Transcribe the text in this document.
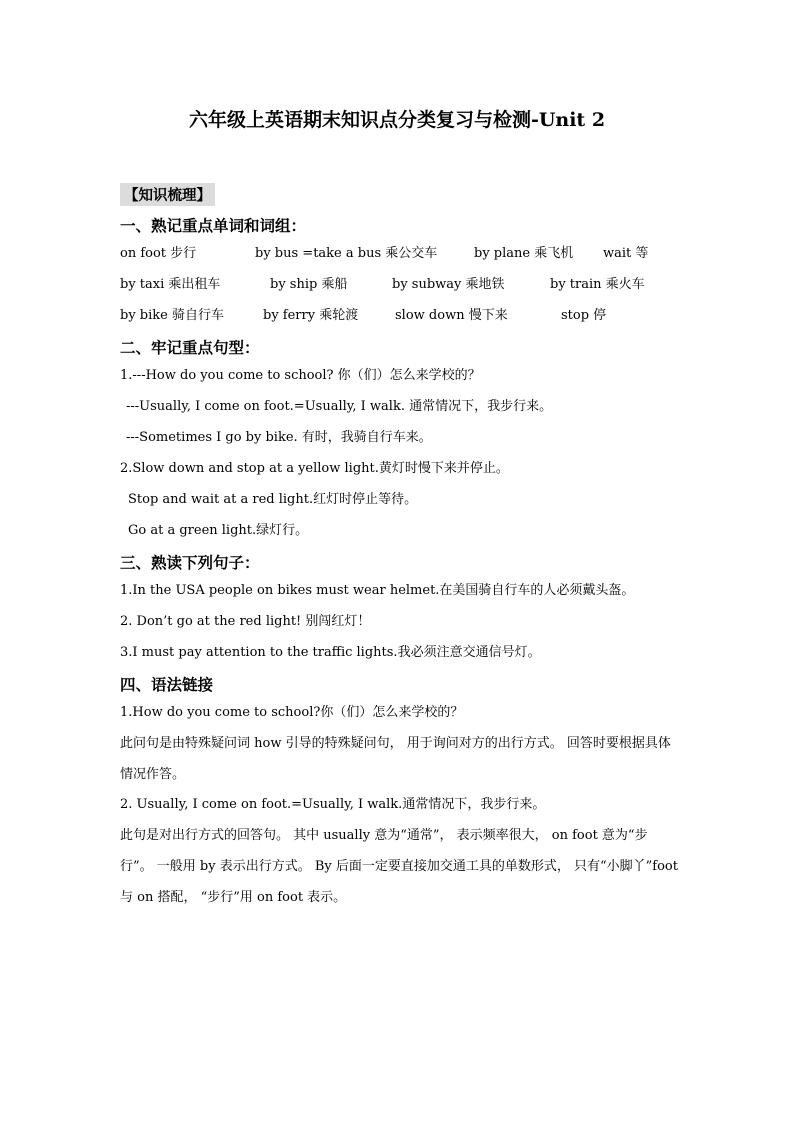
六年级上英语期末知识点分类复习与检测-Unit 2
【知识梳理】
一、熟记重点单词和词组：
on foot 步行	by bus =take a bus 乘公交车	by plane 乘飞机	wait 等
by taxi 乘出租车	by ship 乘船	by subway 乘地铁	by train 乘火车
by bike 骑自行车	by ferry 乘轮渡	slow down 慢下来	stop 停
二、牢记重点句型：
1.---How do you come to school? 你（们）怎么来学校的？
---Usually, I come on foot.=Usually, I walk. 通常情况下，我步行来。
---Sometimes I go by bike. 有时，我骑自行车来。
2.Slow down and stop at a yellow light.黄灯时慢下来并停止。
Stop and wait at a red light.红灯时停止等待。
Go at a green light.绿灯行。
三、熟读下列句子：
1.In the USA people on bikes must wear helmet.在美国骑自行车的人必须戴头盔。
2. Don’t go at the red light! 别闯红灯！
3.I must pay attention to the traffic lights.我必须注意交通信号灯。
四、语法链接
1.How do you come to school?你（们）怎么来学校的？
此问句是由特殊疑问词 how 引导的特殊疑问句， 用于询问对方的出行方式。 回答时要根据具体情况作答。
2. Usually, I come on foot.=Usually, I walk.通常情况下，我步行来。
此句是对出行方式的回答句。 其中 usually 意为“通常”， 表示频率很大， on foot 意为“步行”。 一般用 by 表示出行方式。 By 后面一定要直接加交通工具的单数形式， 只有“小脚丫”foot 与 on 搭配， “步行”用 on foot 表示。
